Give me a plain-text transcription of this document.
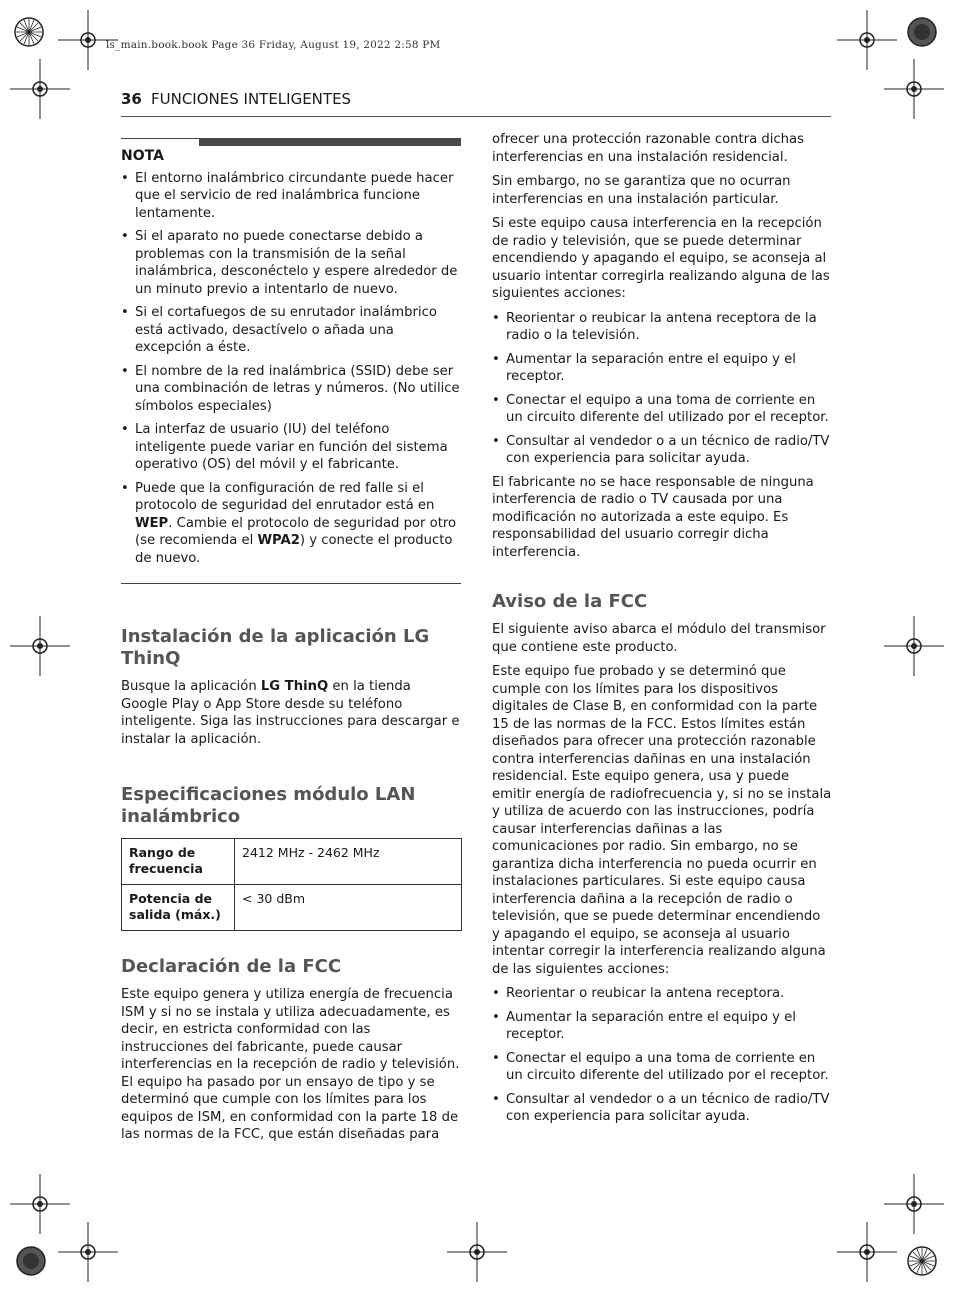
ls_main.book.book Page 36 Friday, August 19, 2022 2:58 PM
36 FUNCIONES INTELIGENTES
NOTA
• El entorno inalámbrico circundante puede hacer que el servicio de red inalámbrica funcione lentamente.
• Si el aparato no puede conectarse debido a problemas con la transmisión de la señal inalámbrica, desconéctelo y espere alrededor de un minuto previo a intentarlo de nuevo.
• Si el cortafuegos de su enrutador inalámbrico está activado, desactívelo o añada una excepción a éste.
• El nombre de la red inalámbrica (SSID) debe ser una combinación de letras y números. (No utilice símbolos especiales)
• La interfaz de usuario (IU) del teléfono inteligente puede variar en función del sistema operativo (OS) del móvil y el fabricante.
• Puede que la configuración de red falle si el protocolo de seguridad del enrutador está en WEP. Cambie el protocolo de seguridad por otro (se recomienda el WPA2) y conecte el producto de nuevo.
Instalación de la aplicación LG ThinQ

Busque la aplicación LG ThinQ en la tienda Google Play o App Store desde su teléfono inteligente. Siga las instrucciones para descargar e instalar la aplicación.

Especificaciones módulo LAN inalámbrico
Rango de frecuencia	2412 MHz - 2462 MHz
Potencia de salida (máx.)	< 30 dBm
Declaración de la FCC

Este equipo genera y utiliza energía de frecuencia ISM y si no se instala y utiliza adecuadamente, es decir, en estricta conformidad con las instrucciones del fabricante, puede causar interferencias en la recepción de radio y televisión. El equipo ha pasado por un ensayo de tipo y se determinó que cumple con los límites para los equipos de ISM, en conformidad con la parte 18 de las normas de la FCC, que están diseñadas para

ofrecer una protección razonable contra dichas interferencias en una instalación residencial.

Sin embargo, no se garantiza que no ocurran interferencias en una instalación particular.

Si este equipo causa interferencia en la recepción de radio y televisión, que se puede determinar encendiendo y apagando el equipo, se aconseja al usuario intentar corregirla realizando alguna de las siguientes acciones:

• Reorientar o reubicar la antena receptora de la radio o la televisión.
• Aumentar la separación entre el equipo y el receptor.
• Conectar el equipo a una toma de corriente en un circuito diferente del utilizado por el receptor.
• Consultar al vendedor o a un técnico de radio/TV con experiencia para solicitar ayuda.

El fabricante no se hace responsable de ninguna interferencia de radio o TV causada por una modificación no autorizada a este equipo. Es responsabilidad del usuario corregir dicha interferencia.

Aviso de la FCC

El siguiente aviso abarca el módulo del transmisor que contiene este producto.

Este equipo fue probado y se determinó que cumple con los límites para los dispositivos digitales de Clase B, en conformidad con la parte 15 de las normas de la FCC. Estos límites están diseñados para ofrecer una protección razonable contra interferencias dañinas en una instalación residencial. Este equipo genera, usa y puede emitir energía de radiofrecuencia y, si no se instala y utiliza de acuerdo con las instrucciones, podría causar interferencias dañinas a las comunicaciones por radio. Sin embargo, no se garantiza dicha interferencia no pueda ocurrir en instalaciones particulares. Si este equipo causa interferencia dañina a la recepción de radio o televisión, que se puede determinar encendiendo y apagando el equipo, se aconseja al usuario intentar corregir la interferencia realizando alguna de las siguientes acciones:

• Reorientar o reubicar la antena receptora.
• Aumentar la separación entre el equipo y el receptor.
• Conectar el equipo a una toma de corriente en un circuito diferente del utilizado por el receptor.
• Consultar al vendedor o a un técnico de radio/TV con experiencia para solicitar ayuda.
